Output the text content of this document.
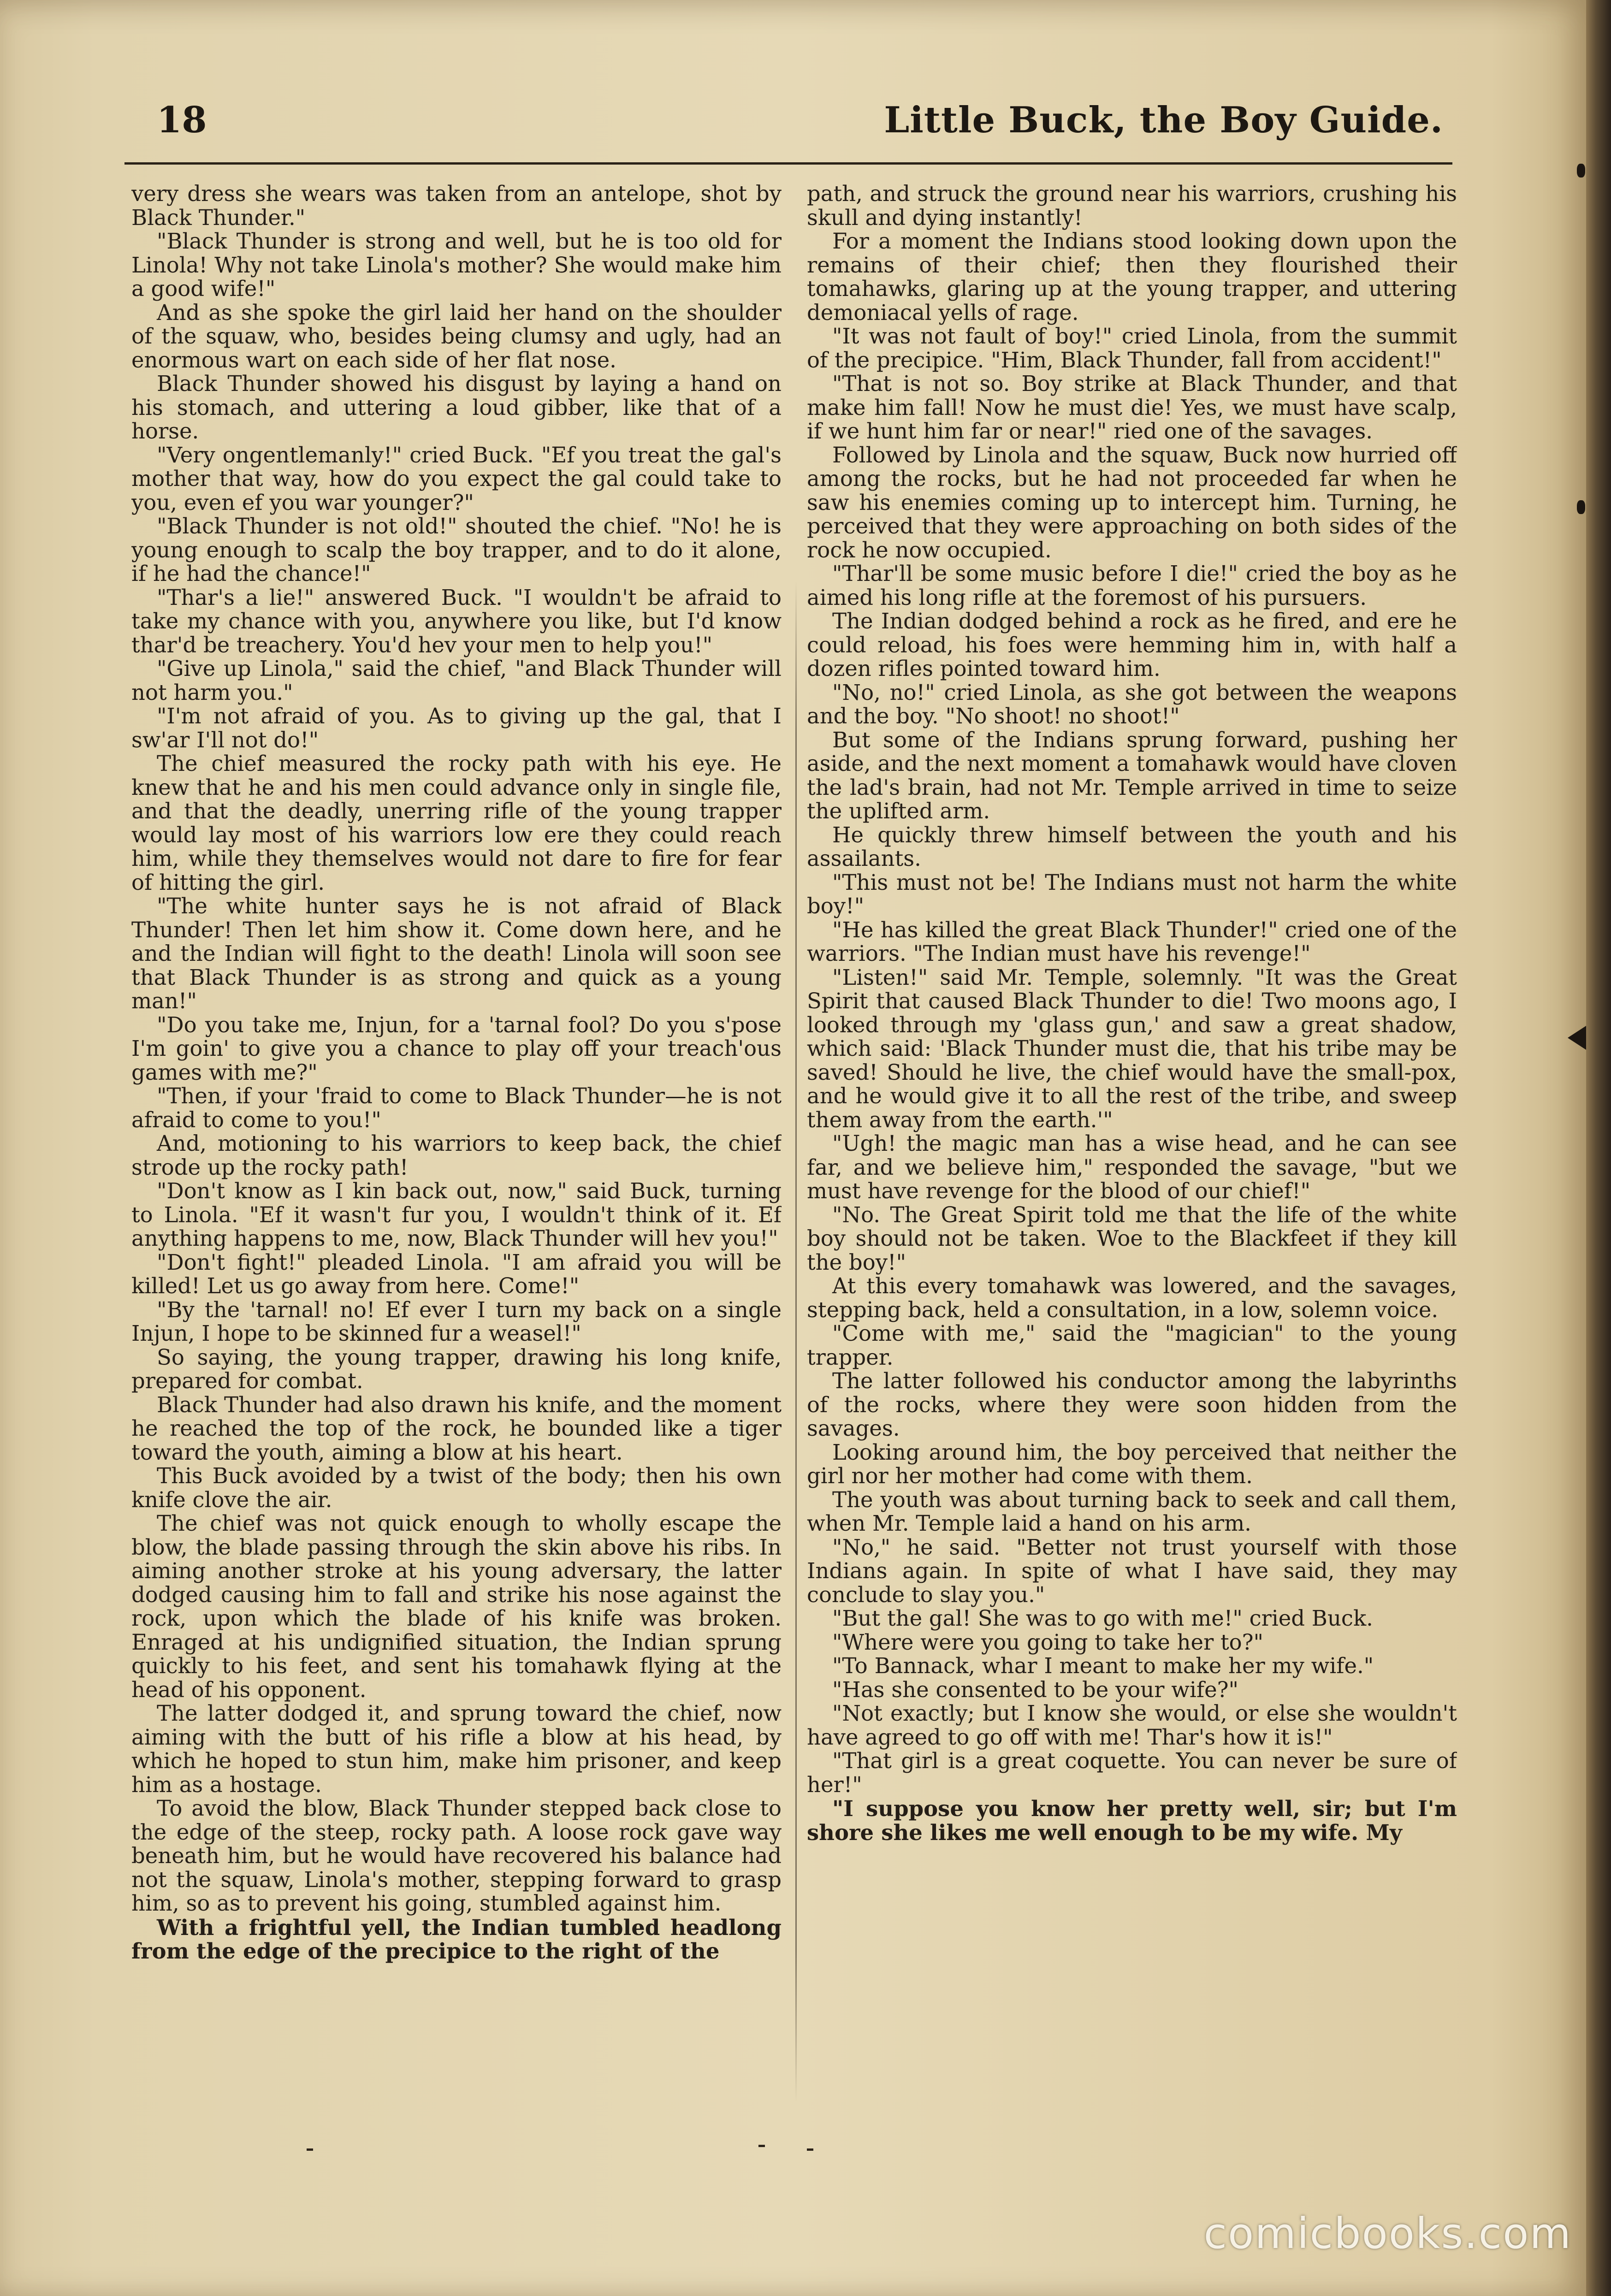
18	Little Buck, the Boy Guide.

very dress she wears was taken from an antelope, shot by Black Thunder."

"Black Thunder is strong and well, but he is too old for Linola! Why not take Linola's mother? She would make him a good wife!"

And as she spoke the girl laid her hand on the shoulder of the squaw, who, besides being clumsy and ugly, had an enormous wart on each side of her flat nose.

Black Thunder showed his disgust by laying a hand on his stomach, and uttering a loud gibber, like that of a horse.

"Very ongentlemanly!" cried Buck. "Ef you treat the gal's mother that way, how do you expect the gal could take to you, even ef you war younger?"

"Black Thunder is not old!" shouted the chief. "No! he is young enough to scalp the boy trapper, and to do it alone, if he had the chance!"

"Thar's a lie!" answered Buck. "I wouldn't be afraid to take my chance with you, anywhere you like, but I'd know thar'd be treachery. You'd hev your men to help you!"

"Give up Linola," said the chief, "and Black Thunder will not harm you."

"I'm not afraid of you. As to giving up the gal, that I sw'ar I'll not do!"

The chief measured the rocky path with his eye. He knew that he and his men could advance only in single file, and that the deadly, unerring rifle of the young trapper would lay most of his warriors low ere they could reach him, while they themselves would not dare to fire for fear of hitting the girl.

"The white hunter says he is not afraid of Black Thunder! Then let him show it. Come down here, and he and the Indian will fight to the death! Linola will soon see that Black Thunder is as strong and quick as a young man!"

"Do you take me, Injun, for a 'tarnal fool? Do you s'pose I'm goin' to give you a chance to play off your treach'ous games with me?"

"Then, if your 'fraid to come to Black Thunder—he is not afraid to come to you!"

And, motioning to his warriors to keep back, the chief strode up the rocky path!

"Don't know as I kin back out, now," said Buck, turning to Linola. "Ef it wasn't fur you, I wouldn't think of it. Ef anything happens to me, now, Black Thunder will hev you!"

"Don't fight!" pleaded Linola. "I am afraid you will be killed! Let us go away from here. Come!"

"By the 'tarnal! no! Ef ever I turn my back on a single Injun, I hope to be skinned fur a weasel!"

So saying, the young trapper, drawing his long knife, prepared for combat.

Black Thunder had also drawn his knife, and the moment he reached the top of the rock, he bounded like a tiger toward the youth, aiming a blow at his heart.

This Buck avoided by a twist of the body; then his own knife clove the air.

The chief was not quick enough to wholly escape the blow, the blade passing through the skin above his ribs. In aiming another stroke at his young adversary, the latter dodged causing him to fall and strike his nose against the rock, upon which the blade of his knife was broken. Enraged at his undignified situation, the Indian sprung quickly to his feet, and sent his tomahawk flying at the head of his opponent.

The latter dodged it, and sprung toward the chief, now aiming with the butt of his rifle a blow at his head, by which he hoped to stun him, make him prisoner, and keep him as a hostage.

To avoid the blow, Black Thunder stepped back close to the edge of the steep, rocky path. A loose rock gave way beneath him, but he would have recovered his balance had not the squaw, Linola's mother, stepping forward to grasp him, so as to prevent his going, stumbled against him.

With a frightful yell, the Indian tumbled headlong from the edge of the precipice to the right of the

path, and struck the ground near his warriors, crushing his skull and dying instantly!

For a moment the Indians stood looking down upon the remains of their chief; then they flourished their tomahawks, glaring up at the young trapper, and uttering demoniacal yells of rage.

"It was not fault of boy!" cried Linola, from the summit of the precipice. "Him, Black Thunder, fall from accident!"

"That is not so. Boy strike at Black Thunder, and that make him fall! Now he must die! Yes, we must have scalp, if we hunt him far or near!" ried one of the savages.

Followed by Linola and the squaw, Buck now hurried off among the rocks, but he had not proceeded far when he saw his enemies coming up to intercept him. Turning, he perceived that they were approaching on both sides of the rock he now occupied.

"Thar'll be some music before I die!" cried the boy as he aimed his long rifle at the foremost of his pursuers.

The Indian dodged behind a rock as he fired, and ere he could reload, his foes were hemming him in, with half a dozen rifles pointed toward him.

"No, no!" cried Linola, as she got between the weapons and the boy. "No shoot! no shoot!"

But some of the Indians sprung forward, pushing her aside, and the next moment a tomahawk would have cloven the lad's brain, had not Mr. Temple arrived in time to seize the uplifted arm.

He quickly threw himself between the youth and his assailants.

"This must not be! The Indians must not harm the white boy!"

"He has killed the great Black Thunder!" cried one of the warriors. "The Indian must have his revenge!"

"Listen!" said Mr. Temple, solemnly. "It was the Great Spirit that caused Black Thunder to die! Two moons ago, I looked through my 'glass gun,' and saw a great shadow, which said: 'Black Thunder must die, that his tribe may be saved! Should he live, the chief would have the small-pox, and he would give it to all the rest of the tribe, and sweep them away from the earth.'"

"Ugh! the magic man has a wise head, and he can see far, and we believe him," responded the savage, "but we must have revenge for the blood of our chief!"

"No. The Great Spirit told me that the life of the white boy should not be taken. Woe to the Blackfeet if they kill the boy!"

At this every tomahawk was lowered, and the savages, stepping back, held a consultation, in a low, solemn voice.

"Come with me," said the "magician" to the young trapper.

The latter followed his conductor among the labyrinths of the rocks, where they were soon hidden from the savages.

Looking around him, the boy perceived that neither the girl nor her mother had come with them.

The youth was about turning back to seek and call them, when Mr. Temple laid a hand on his arm.

"No," he said. "Better not trust yourself with those Indians again. In spite of what I have said, they may conclude to slay you."

"But the gal! She was to go with me!" cried Buck.

"Where were you going to take her to?"

"To Bannack, whar I meant to make her my wife."

"Has she consented to be your wife?"

"Not exactly; but I know she would, or else she wouldn't have agreed to go off with me! Thar's how it is!"

"That girl is a great coquette. You can never be sure of her!"

"I suppose you know her pretty well, sir; but I'm shore she likes me well enough to be my wife. My

comicbooks.com
